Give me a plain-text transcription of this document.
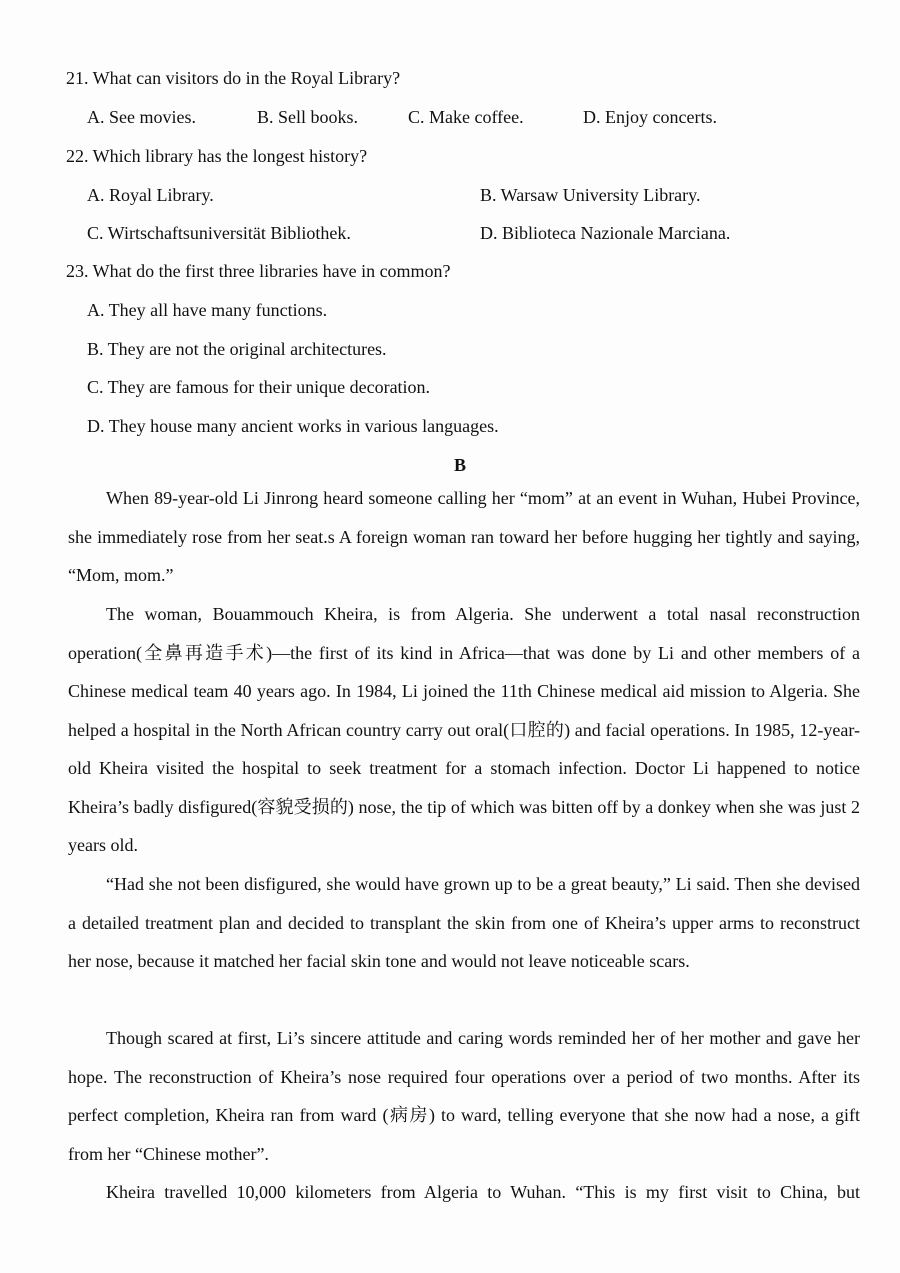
21. What can visitors do in the Royal Library?
A. See movies.	B. Sell books.	C. Make coffee.	D. Enjoy concerts.
22. Which library has the longest history?
A. Royal Library.	B. Warsaw University Library.
C. Wirtschaftsuniversität Bibliothek.	D. Biblioteca Nazionale Marciana.
23. What do the first three libraries have in common?
A. They all have many functions.
B. They are not the original architectures.
C. They are famous for their unique decoration.
D. They house many ancient works in various languages.
B

When 89-year-old Li Jinrong heard someone calling her “mom” at an event in Wuhan, Hubei Province, she immediately rose from her seat.s A foreign woman ran toward her before hugging her tightly and saying, “Mom, mom.”

The woman, Bouammouch Kheira, is from Algeria. She underwent a total nasal reconstruction operation(全鼻再造手术)—the first of its kind in Africa—that was done by Li and other members of a Chinese medical team 40 years ago. In 1984, Li joined the 11th Chinese medical aid mission to Algeria. She helped a hospital in the North African country carry out oral(口腔的) and facial operations. In 1985, 12-year-old Kheira visited the hospital to seek treatment for a stomach infection. Doctor Li happened to notice Kheira’s badly disfigured(容貌受损的) nose, the tip of which was bitten off by a donkey when she was just 2 years old.

“Had she not been disfigured, she would have grown up to be a great beauty,” Li said. Then she devised a detailed treatment plan and decided to transplant the skin from one of Kheira’s upper arms to reconstruct her nose, because it matched her facial skin tone and would not leave noticeable scars.

Though scared at first, Li’s sincere attitude and caring words reminded her of her mother and gave her hope. The reconstruction of Kheira’s nose required four operations over a period of two months. After its perfect completion, Kheira ran from ward (病房) to ward, telling everyone that she now had a nose, a gift from her “Chinese mother”.

Kheira travelled 10,000 kilometers from Algeria to Wuhan. “This is my first visit to China, but
